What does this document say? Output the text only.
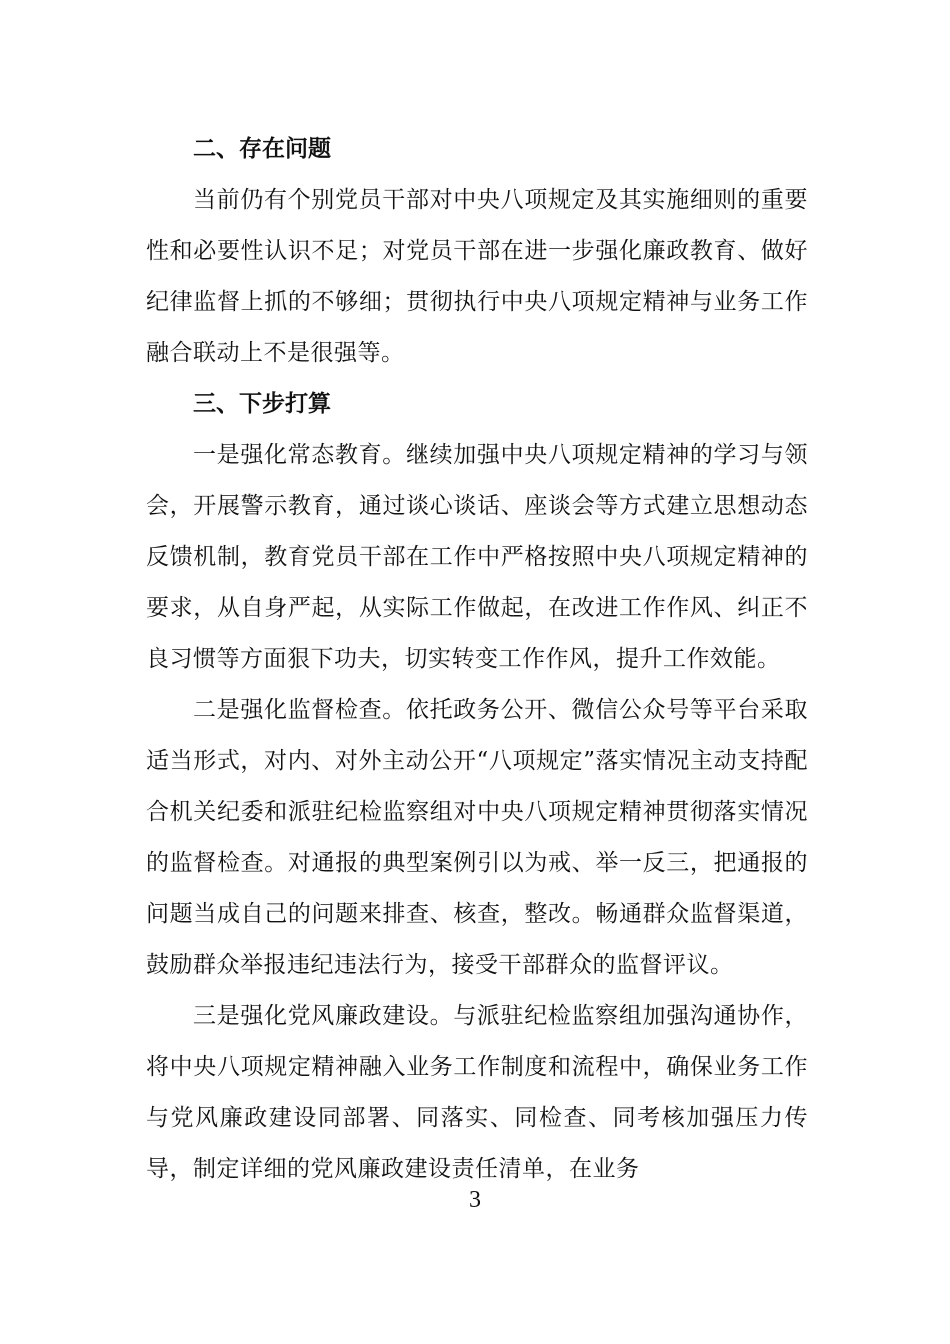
二、存在问题

当前仍有个别党员干部对中央八项规定及其实施细则的重要性和必要性认识不足；对党员干部在进一步强化廉政教育、做好纪律监督上抓的不够细；贯彻执行中央八项规定精神与业务工作融合联动上不是很强等。

三、下步打算

一是强化常态教育。继续加强中央八项规定精神的学习与领会，开展警示教育，通过谈心谈话、座谈会等方式建立思想动态反馈机制，教育党员干部在工作中严格按照中央八项规定精神的要求，从自身严起，从实际工作做起，在改进工作作风、纠正不良习惯等方面狠下功夫，切实转变工作作风，提升工作效能。

二是强化监督检查。依托政务公开、微信公众号等平台采取适当形式，对内、对外主动公开“八项规定”落实情况主动支持配合机关纪委和派驻纪检监察组对中央八项规定精神贯彻落实情况的监督检查。对通报的典型案例引以为戒、举一反三，把通报的问题当成自己的问题来排查、核查，整改。畅通群众监督渠道，鼓励群众举报违纪违法行为，接受干部群众的监督评议。

三是强化党风廉政建设。与派驻纪检监察组加强沟通协作，将中央八项规定精神融入业务工作制度和流程中，确保业务工作与党风廉政建设同部署、同落实、同检查、同考核加强压力传导，制定详细的党风廉政建设责任清单，在业务

3
